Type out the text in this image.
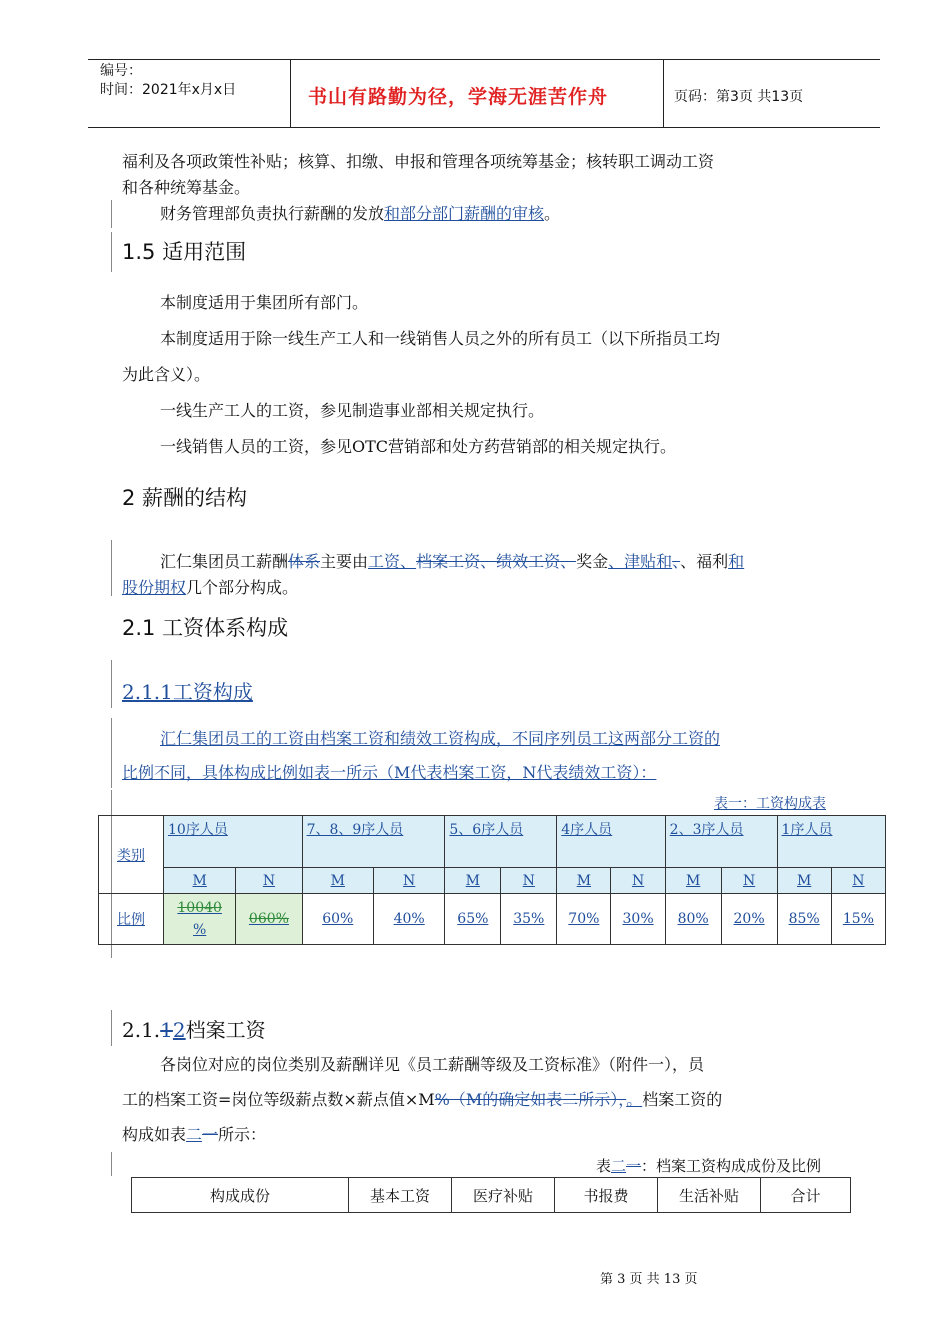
编号：
时间：2021年x月x日	书山有路勤为径，学海无涯苦作舟	页码：第3页 共13页

福利及各项政策性补贴；核算、扣缴、申报和管理各项统筹基金；核转职工调动工资

和各种统筹基金。

财务管理部负责执行薪酬的发放和部分部门薪酬的审核。

1.5 适用范围

本制度适用于集团所有部门。

本制度适用于除一线生产工人和一线销售人员之外的所有员工（以下所指员工均

为此含义）。

一线生产工人的工资，参见制造事业部相关规定执行。

一线销售人员的工资，参见OTC营销部和处方药营销部的相关规定执行。

2 薪酬的结构

汇仁集团员工薪酬体系主要由工资、档案工资、绩效工资、奖金、津贴和、、福利和

股份期权几个部分构成。

2.1 工资体系构成
2.1.1工资构成

汇仁集团员工的工资由档案工资和绩效工资构成，不同序列员工这两部分工资的

比例不同，具体构成比例如表一所示（M代表档案工资，N代表绩效工资）：

表一：工资构成表

类别	10序人员		7、8、9序人员		5、6序人员		4序人员		2、3序人员		1序人员	
	M	N	M	N	M	N	M	N	M	N	M	N
比例	10040
%	060%	60%	40%	65%	35%	70%	30%	80%	20%	85%	15%
2.1.12档案工资

各岗位对应的岗位类别及薪酬详见《员工薪酬等级及工资标准》（附件一），员

工的档案工资=岗位等级薪点数×薪点值×M%（M的确定如表二所示），。档案工资的

构成如表二一所示：

表二一：档案工资构成成份及比例

构成成份	基本工资	医疗补贴	书报费	生活补贴	合计
第 3 页 共 13 页
